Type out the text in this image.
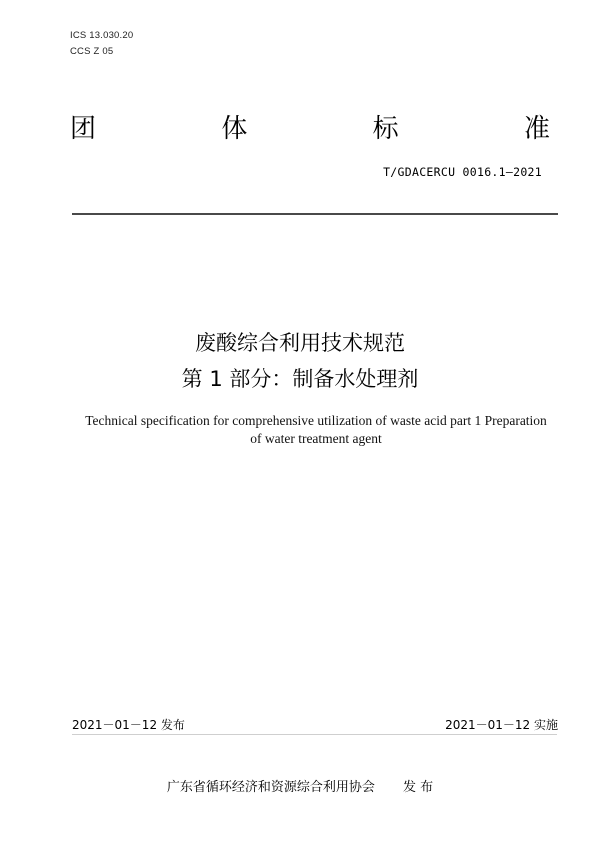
ICS 13.030.20
CCS Z 05
团	体	标	准
T/GDACERCU 0016.1—2021
废酸综合利用技术规范
第 1 部分：制备水处理剂
Technical specification for comprehensive utilization of waste acid part 1 Preparation
of water treatment agent
2021－01－12 发布	2021－01－12 实施
广东省循环经济和资源综合利用协会 发 布
